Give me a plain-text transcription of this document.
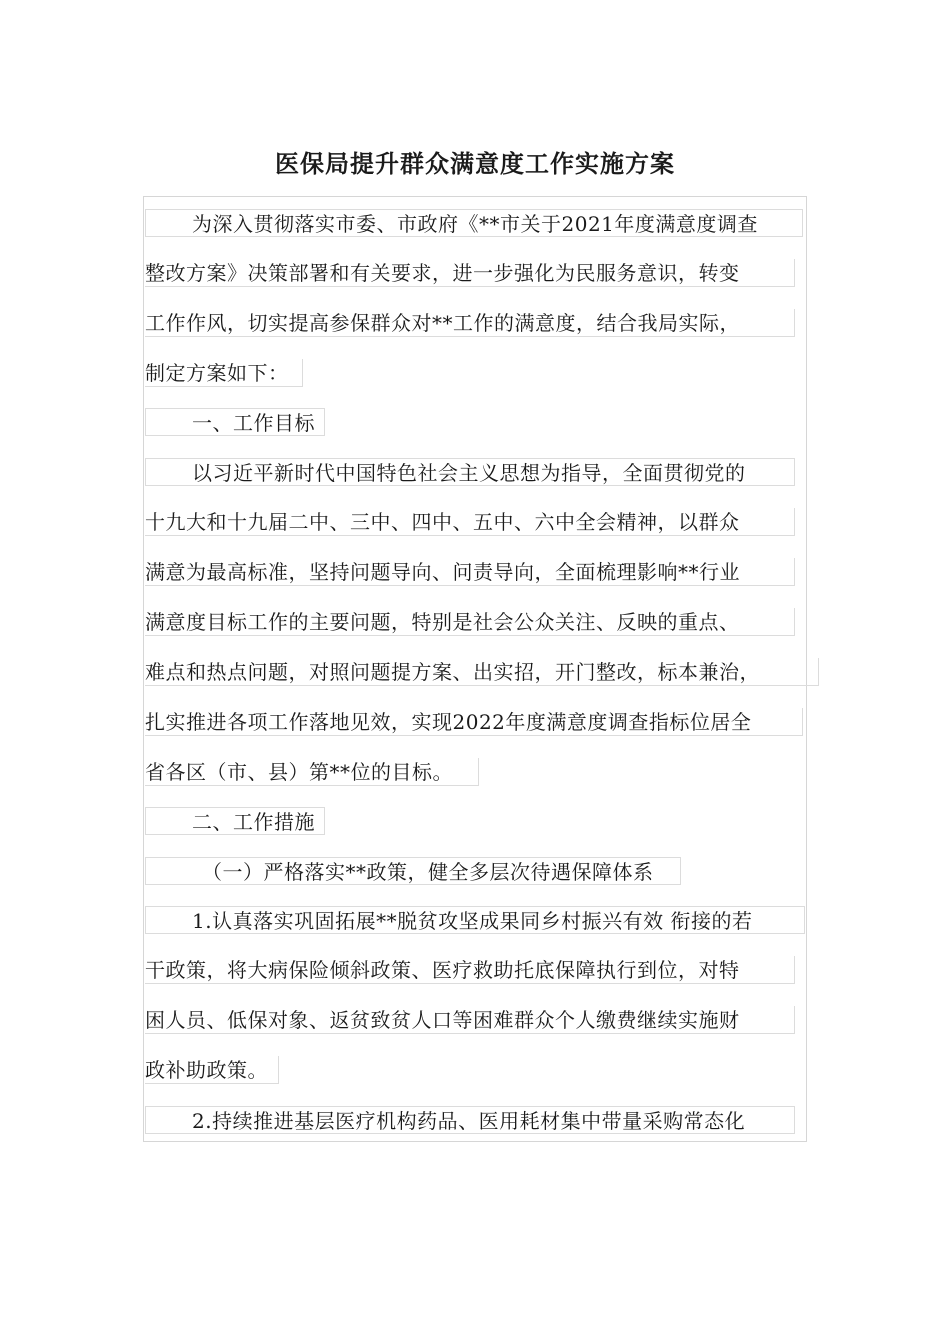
医保局提升群众满意度工作实施方案
为深入贯彻落实市委、市政府《**市关于2021年度满意度调查
整改方案》决策部署和有关要求，进一步强化为民服务意识，转变
工作作风，切实提高参保群众对**工作的满意度，结合我局实际，
制定方案如下：
一、工作目标
以习近平新时代中国特色社会主义思想为指导，全面贯彻党的
十九大和十九届二中、三中、四中、五中、六中全会精神，以群众
满意为最高标准，坚持问题导向、问责导向，全面梳理影响**行业
满意度目标工作的主要问题，特别是社会公众关注、反映的重点、
难点和热点问题，对照问题提方案、出实招，开门整改，标本兼治，
扎实推进各项工作落地见效，实现2022年度满意度调查指标位居全
省各区（市、县）第**位的目标。
二、工作措施
（一）严格落实**政策，健全多层次待遇保障体系
1.认真落实巩固拓展**脱贫攻坚成果同乡村振兴有效 衔接的若
干政策，将大病保险倾斜政策、医疗救助托底保障执行到位，对特
困人员、低保对象、返贫致贫人口等困难群众个人缴费继续实施财
政补助政策。
2.持续推进基层医疗机构药品、医用耗材集中带量采购常态化
